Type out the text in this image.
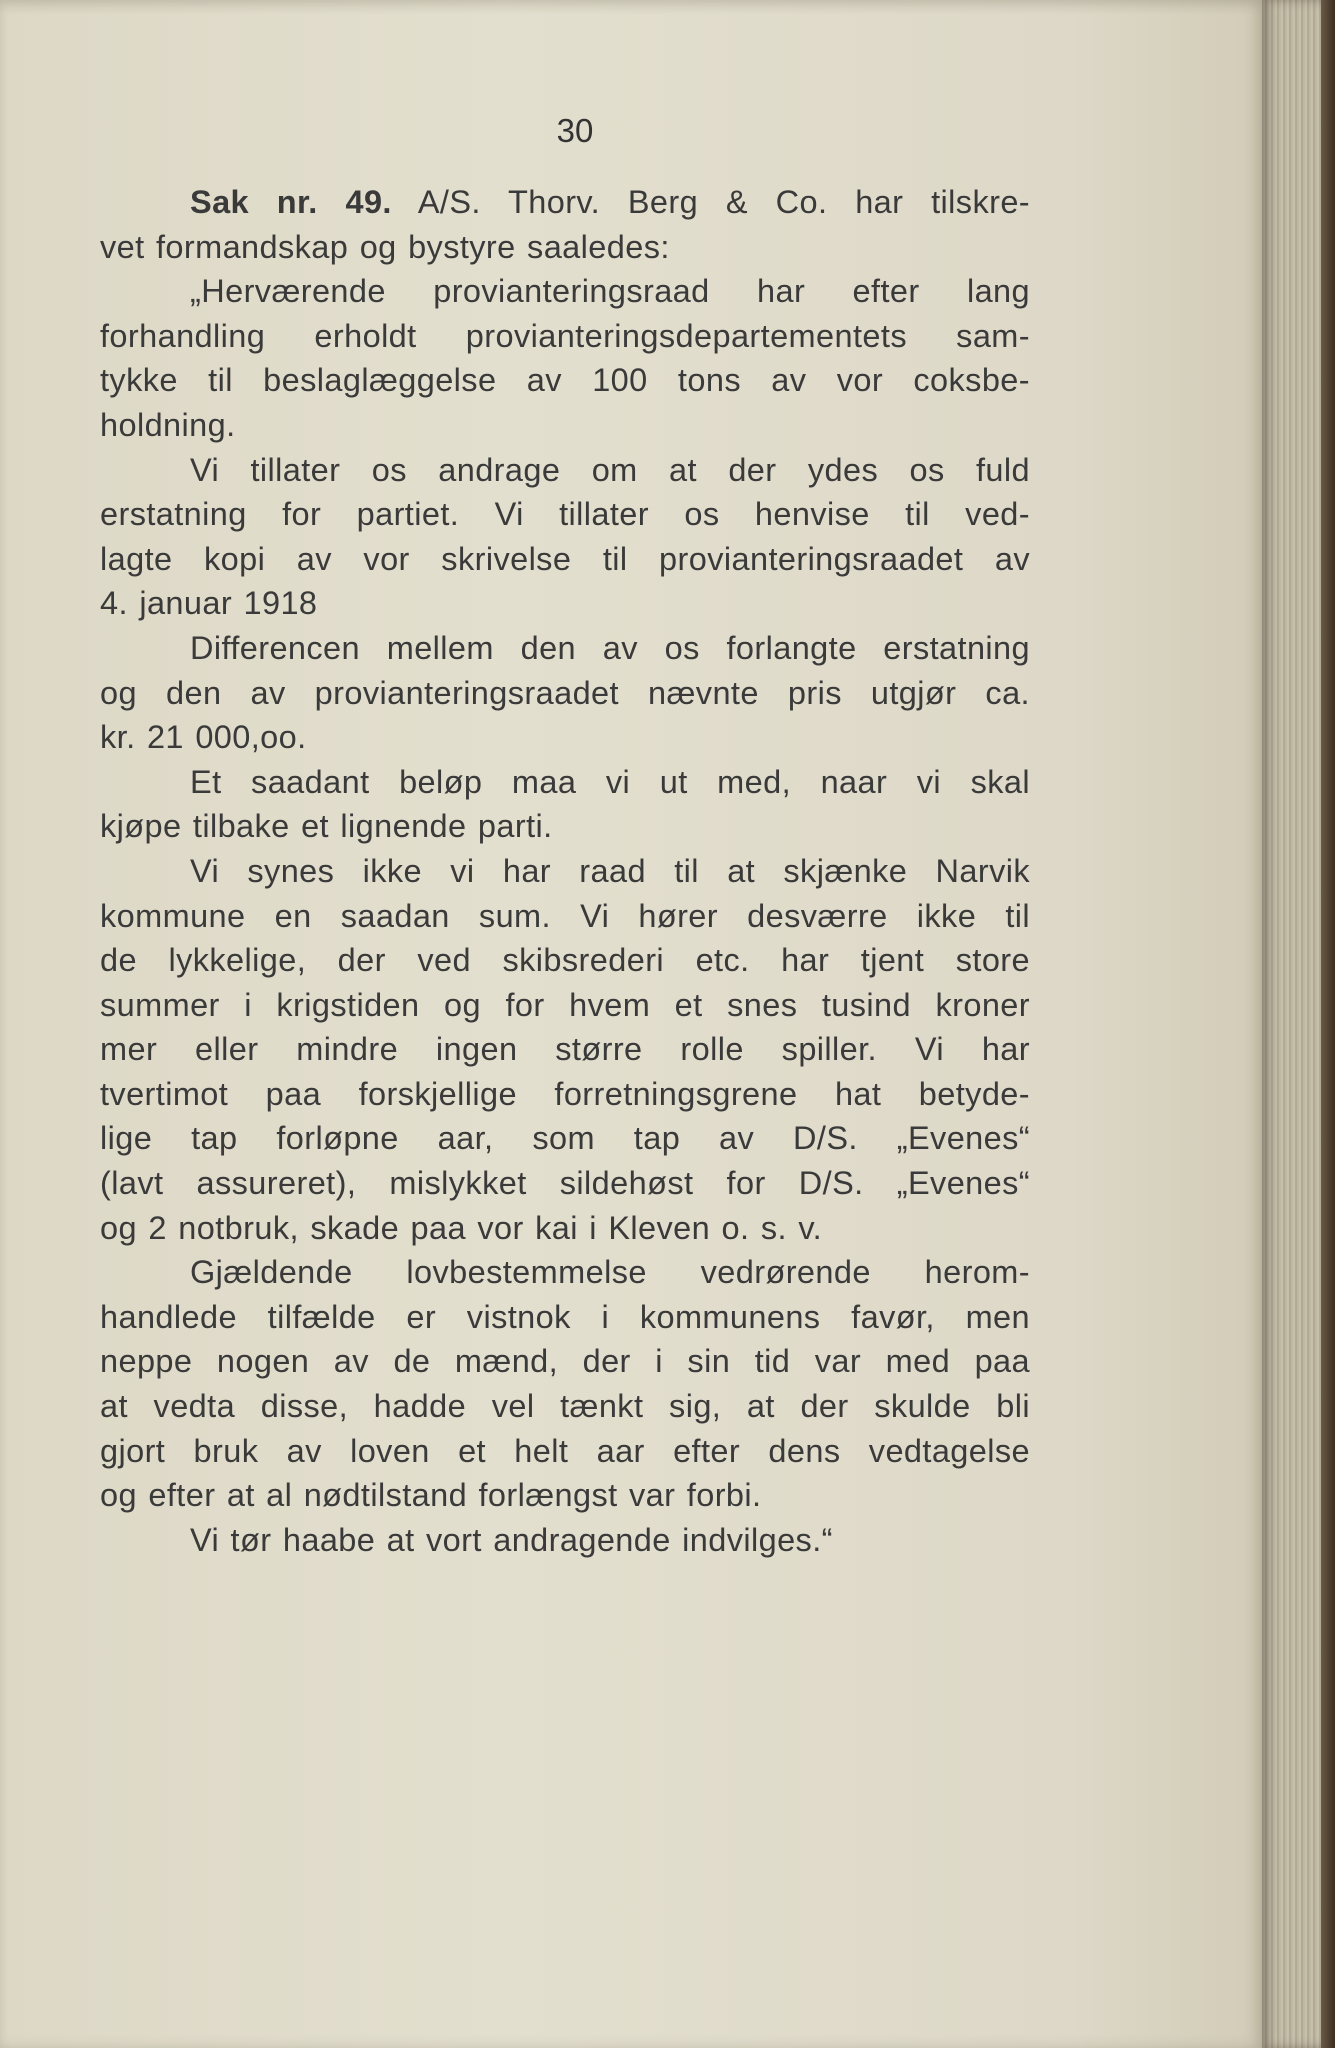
30
Sak nr. 49. A/S. Thorv. Berg & Co. har tilskre-
vet formandskap og bystyre saaledes:
„Herværende provianteringsraad har efter lang
forhandling erholdt provianteringsdepartementets sam-
tykke til beslaglæggelse av 100 tons av vor coksbe-
holdning.
Vi tillater os andrage om at der ydes os fuld
erstatning for partiet. Vi tillater os henvise til ved-
lagte kopi av vor skrivelse til provianteringsraadet av
4. januar 1918
Differencen mellem den av os forlangte erstatning
og den av provianteringsraadet nævnte pris utgjør ca.
kr. 21 000,oo.
Et saadant beløp maa vi ut med, naar vi skal
kjøpe tilbake et lignende parti.
Vi synes ikke vi har raad til at skjænke Narvik
kommune en saadan sum. Vi hører desværre ikke til
de lykkelige, der ved skibsrederi etc. har tjent store
summer i krigstiden og for hvem et snes tusind kroner
mer eller mindre ingen større rolle spiller. Vi har
tvertimot paa forskjellige forretningsgrene hat betyde-
lige tap forløpne aar, som tap av D/S. „Evenes“
(lavt assureret), mislykket sildehøst for D/S. „Evenes“
og 2 notbruk, skade paa vor kai i Kleven o. s. v.
Gjældende lovbestemmelse vedrørende herom-
handlede tilfælde er vistnok i kommunens favør, men
neppe nogen av de mænd, der i sin tid var med paa
at vedta disse, hadde vel tænkt sig, at der skulde bli
gjort bruk av loven et helt aar efter dens vedtagelse
og efter at al nødtilstand forlængst var forbi.
Vi tør haabe at vort andragende indvilges.“
